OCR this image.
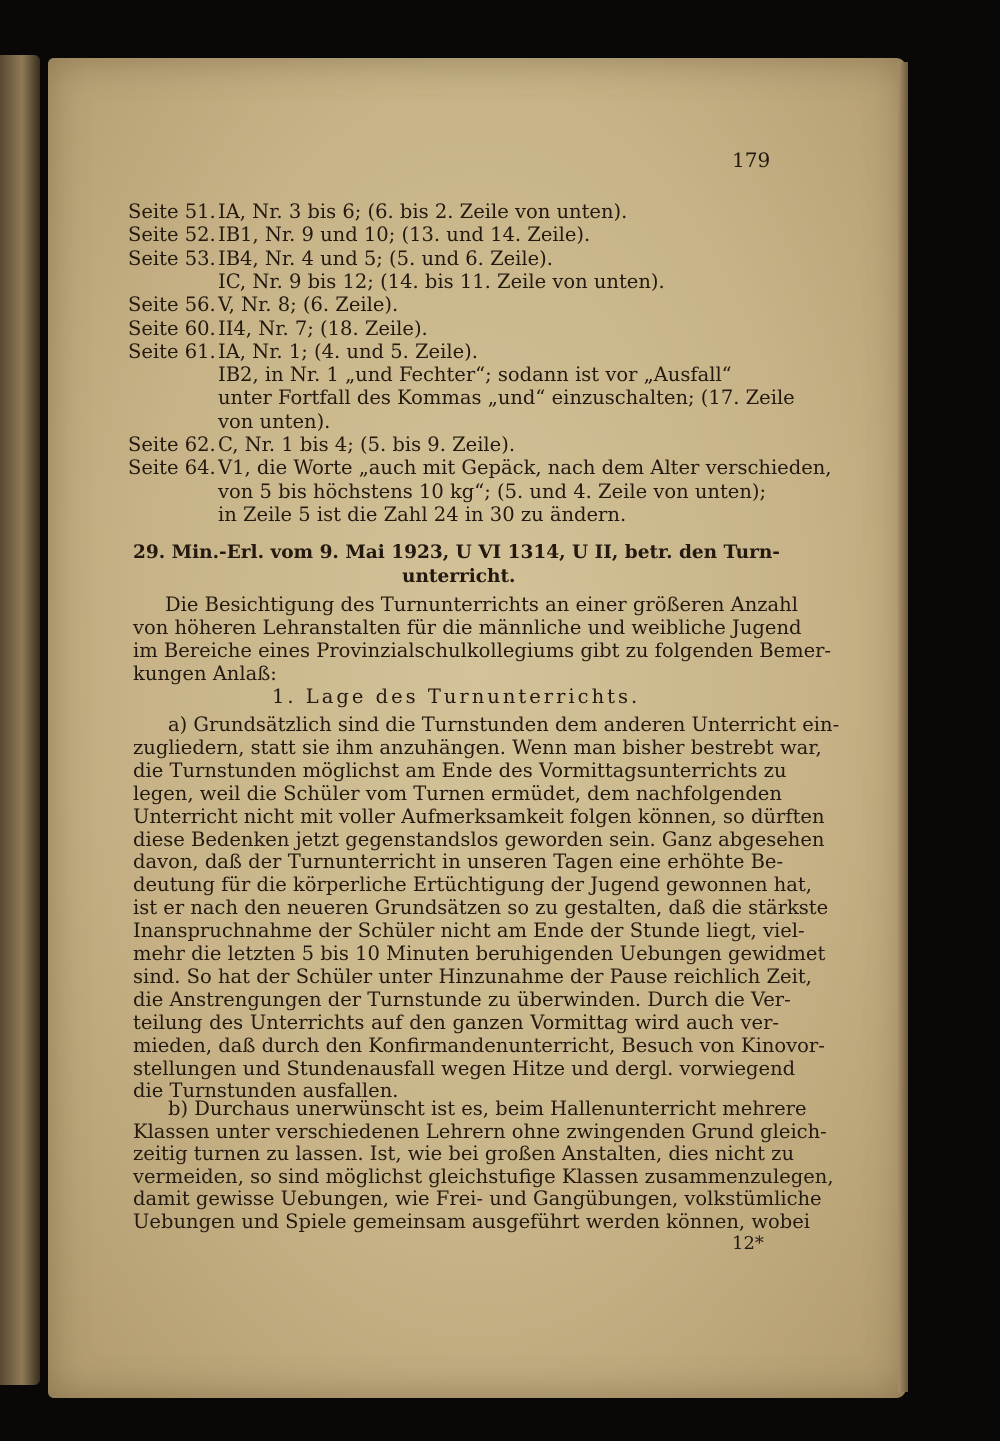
179
Seite 51. IA, Nr. 3 bis 6; (6. bis 2. Zeile von unten).
Seite 52. IB1, Nr. 9 und 10; (13. und 14. Zeile).
Seite 53. IB4, Nr. 4 und 5; (5. und 6. Zeile).
IC, Nr. 9 bis 12; (14. bis 11. Zeile von unten).
Seite 56. V, Nr. 8; (6. Zeile).
Seite 60. II4, Nr. 7; (18. Zeile).
Seite 61. IA, Nr. 1; (4. und 5. Zeile).
IB2, in Nr. 1 „und Fechter“; sodann ist vor „Ausfall“
unter Fortfall des Kommas „und“ einzuschalten; (17. Zeile
von unten).
Seite 62. C, Nr. 1 bis 4; (5. bis 9. Zeile).
Seite 64. V1, die Worte „auch mit Gepäck, nach dem Alter verschieden,
von 5 bis höchstens 10 kg“; (5. und 4. Zeile von unten);
in Zeile 5 ist die Zahl 24 in 30 zu ändern.
29. Min.-Erl. vom 9. Mai 1923, U VI 1314, U II, betr. den Turn-
unterricht.
Die Besichtigung des Turnunterrichts an einer größeren Anzahl
von höheren Lehranstalten für die männliche und weibliche Jugend
im Bereiche eines Provinzialschulkollegiums gibt zu folgenden Bemer-
kungen Anlaß:
1. Lage des Turnunterrichts.
a) Grundsätzlich sind die Turnstunden dem anderen Unterricht ein-
zugliedern, statt sie ihm anzuhängen. Wenn man bisher bestrebt war,
die Turnstunden möglichst am Ende des Vormittagsunterrichts zu
legen, weil die Schüler vom Turnen ermüdet, dem nachfolgenden
Unterricht nicht mit voller Aufmerksamkeit folgen können, so dürften
diese Bedenken jetzt gegenstandslos geworden sein. Ganz abgesehen
davon, daß der Turnunterricht in unseren Tagen eine erhöhte Be-
deutung für die körperliche Ertüchtigung der Jugend gewonnen hat,
ist er nach den neueren Grundsätzen so zu gestalten, daß die stärkste
Inanspruchnahme der Schüler nicht am Ende der Stunde liegt, viel-
mehr die letzten 5 bis 10 Minuten beruhigenden Uebungen gewidmet
sind. So hat der Schüler unter Hinzunahme der Pause reichlich Zeit,
die Anstrengungen der Turnstunde zu überwinden. Durch die Ver-
teilung des Unterrichts auf den ganzen Vormittag wird auch ver-
mieden, daß durch den Konfirmandenunterricht, Besuch von Kinovor-
stellungen und Stundenausfall wegen Hitze und dergl. vorwiegend
die Turnstunden ausfallen.
b) Durchaus unerwünscht ist es, beim Hallenunterricht mehrere
Klassen unter verschiedenen Lehrern ohne zwingenden Grund gleich-
zeitig turnen zu lassen. Ist, wie bei großen Anstalten, dies nicht zu
vermeiden, so sind möglichst gleichstufige Klassen zusammenzulegen,
damit gewisse Uebungen, wie Frei- und Gangübungen, volkstümliche
Uebungen und Spiele gemeinsam ausgeführt werden können, wobei
12*
